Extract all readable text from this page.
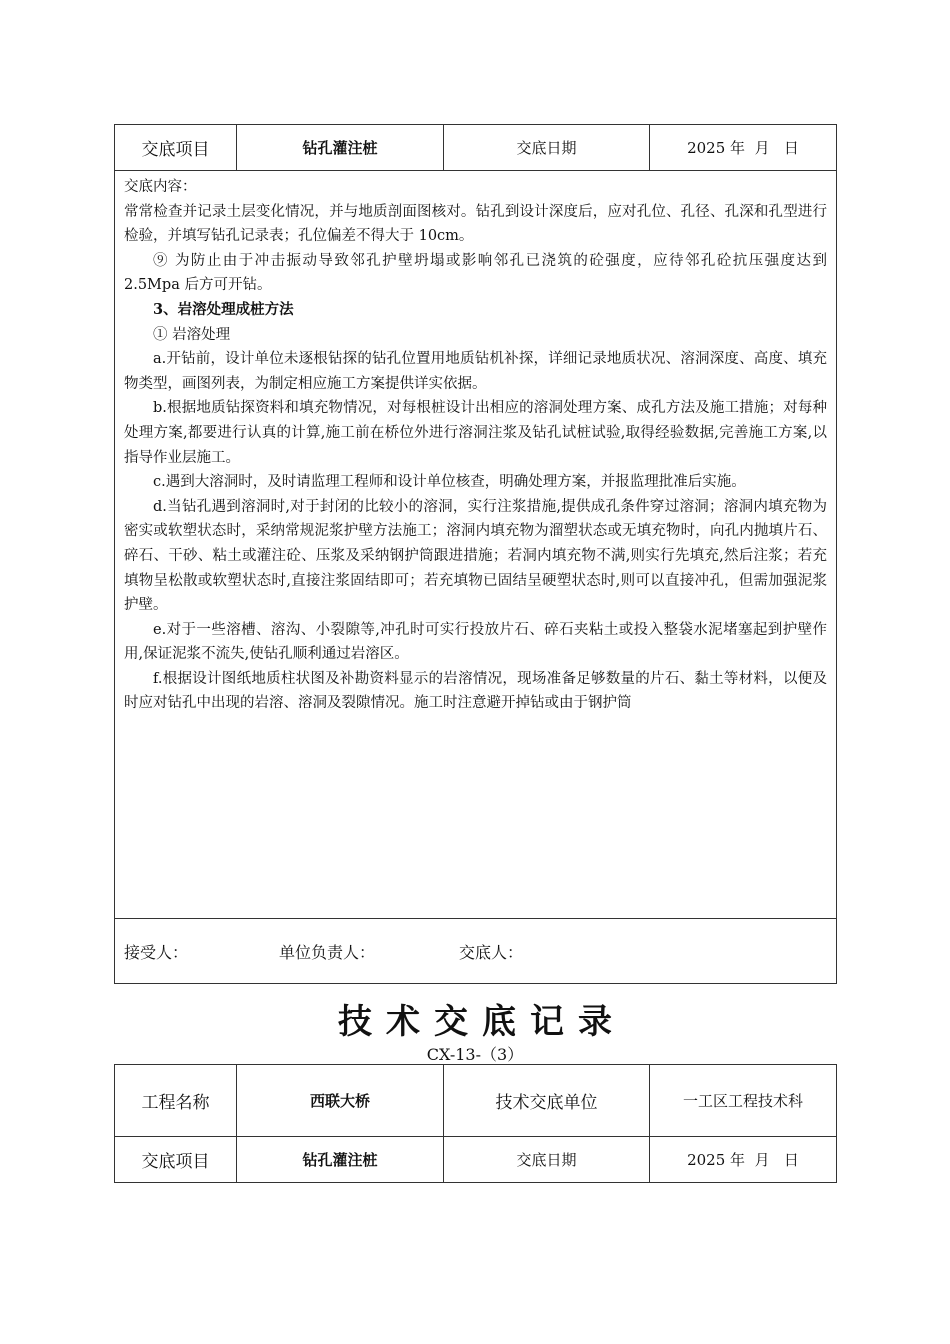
交底项目	钻孔灌注桩	交底日期	2025 年  月   日

交底内容：

常常检查并记录土层变化情况，并与地质剖面图核对。钻孔到设计深度后，应对孔位、孔径、孔深和孔型进行检验，并填写钻孔记录表；孔位偏差不得大于 10cm。

⑨ 为防止由于冲击振动导致邻孔护壁坍塌或影响邻孔已浇筑的砼强度，应待邻孔砼抗压强度达到 2.5Mpa 后方可开钻。

3、岩溶处理成桩方法

① 岩溶处理

a.开钻前，设计单位未逐根钻探的钻孔位置用地质钻机补探，详细记录地质状况、溶洞深度、高度、填充物类型，画图列表，为制定相应施工方案提供详实依据。

b.根据地质钻探资料和填充物情况，对每根桩设计出相应的溶洞处理方案、成孔方法及施工措施；对每种处理方案,都要进行认真的计算,施工前在桥位外进行溶洞注浆及钻孔试桩试验,取得经验数据,完善施工方案,以指导作业层施工。

c.遇到大溶洞时，及时请监理工程师和设计单位核查，明确处理方案，并报监理批准后实施。

d.当钻孔遇到溶洞时,对于封闭的比较小的溶洞，实行注浆措施,提供成孔条件穿过溶洞；溶洞内填充物为密实或软塑状态时，采纳常规泥浆护壁方法施工；溶洞内填充物为溜塑状态或无填充物时，向孔内抛填片石、碎石、干砂、粘土或灌注砼、压浆及采纳钢护筒跟进措施；若洞内填充物不满,则实行先填充,然后注浆；若充填物呈松散或软塑状态时,直接注浆固结即可；若充填物已固结呈硬塑状态时,则可以直接冲孔，但需加强泥浆护壁。

e.对于一些溶槽、溶沟、小裂隙等,冲孔时可实行投放片石、碎石夹粘土或投入整袋水泥堵塞起到护壁作用,保证泥浆不流失,使钻孔顺利通过岩溶区。

f.根据设计图纸地质柱状图及补勘资料显示的岩溶情况，现场准备足够数量的片石、黏土等材料，以便及时应对钻孔中出现的岩溶、溶洞及裂隙情况。施工时注意避开掉钻或由于钢护筒

接受人：	单位负责人：	交底人：
技术交底记录
CX-13-（3）
工程名称	西联大桥	技术交底单位	一工区工程技术科
交底项目	钻孔灌注桩	交底日期	2025 年  月   日
